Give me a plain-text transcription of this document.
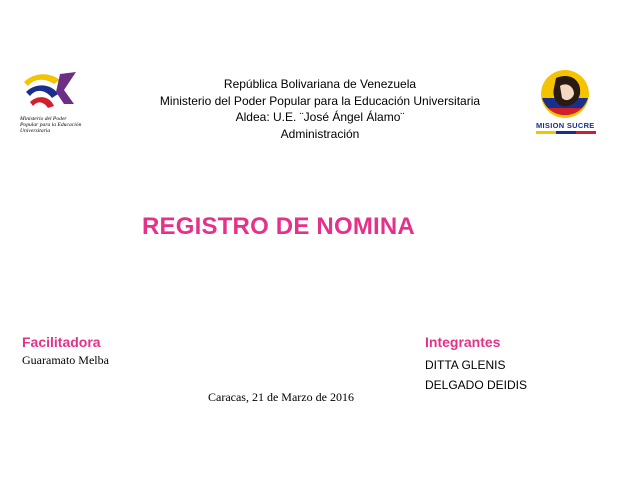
Ministerio del Poder Popular para la Educación Universitaria
MISION SUCRE
República Bolivariana de Venezuela
Ministerio del Poder Popular para la Educación Universitaria
Aldea: U.E. ¨José Ángel Álamo¨
Administración
REGISTRO DE NOMINA
Facilitadora
Guaramato Melba
Integrantes
DITTA GLENIS
DELGADO DEIDIS
Caracas, 21 de Marzo de 2016
